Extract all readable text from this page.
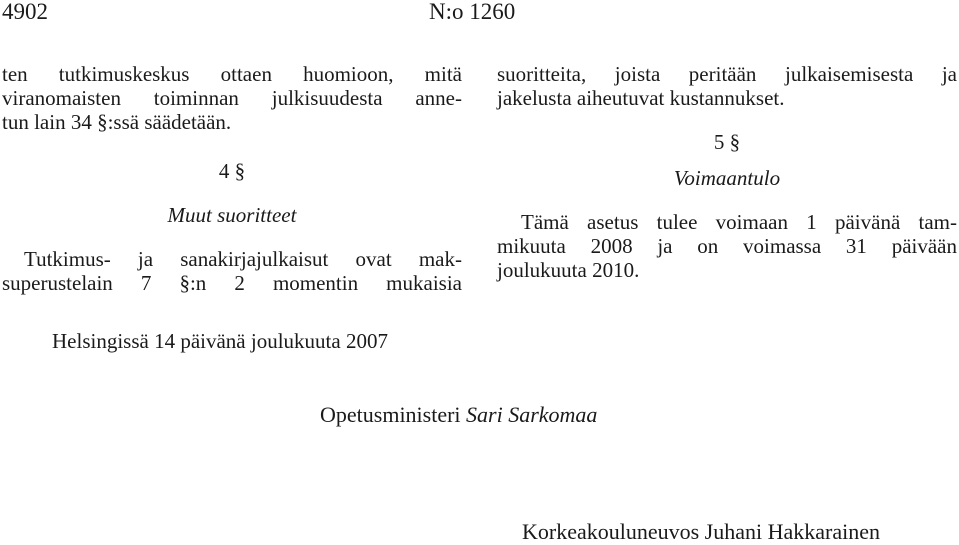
4902	N:o 1260
ten tutkimuskeskus ottaen huomioon, mitä
viranomaisten toiminnan julkisuudesta anne-
tun lain 34 §:ssä säädetään.
4 §
Muut suoritteet
Tutkimus- ja sanakirjajulkaisut ovat mak-
superustelain 7 §:n 2 momentin mukaisia
suoritteita, joista peritään julkaisemisesta ja
jakelusta aiheutuvat kustannukset.
5 §
Voimaantulo
Tämä asetus tulee voimaan 1 päivänä tam-
mikuuta 2008 ja on voimassa 31 päivään
joulukuuta 2010.
Helsingissä 14 päivänä joulukuuta 2007
Opetusministeri Sari Sarkomaa
Korkeakouluneuvos Juhani Hakkarainen
